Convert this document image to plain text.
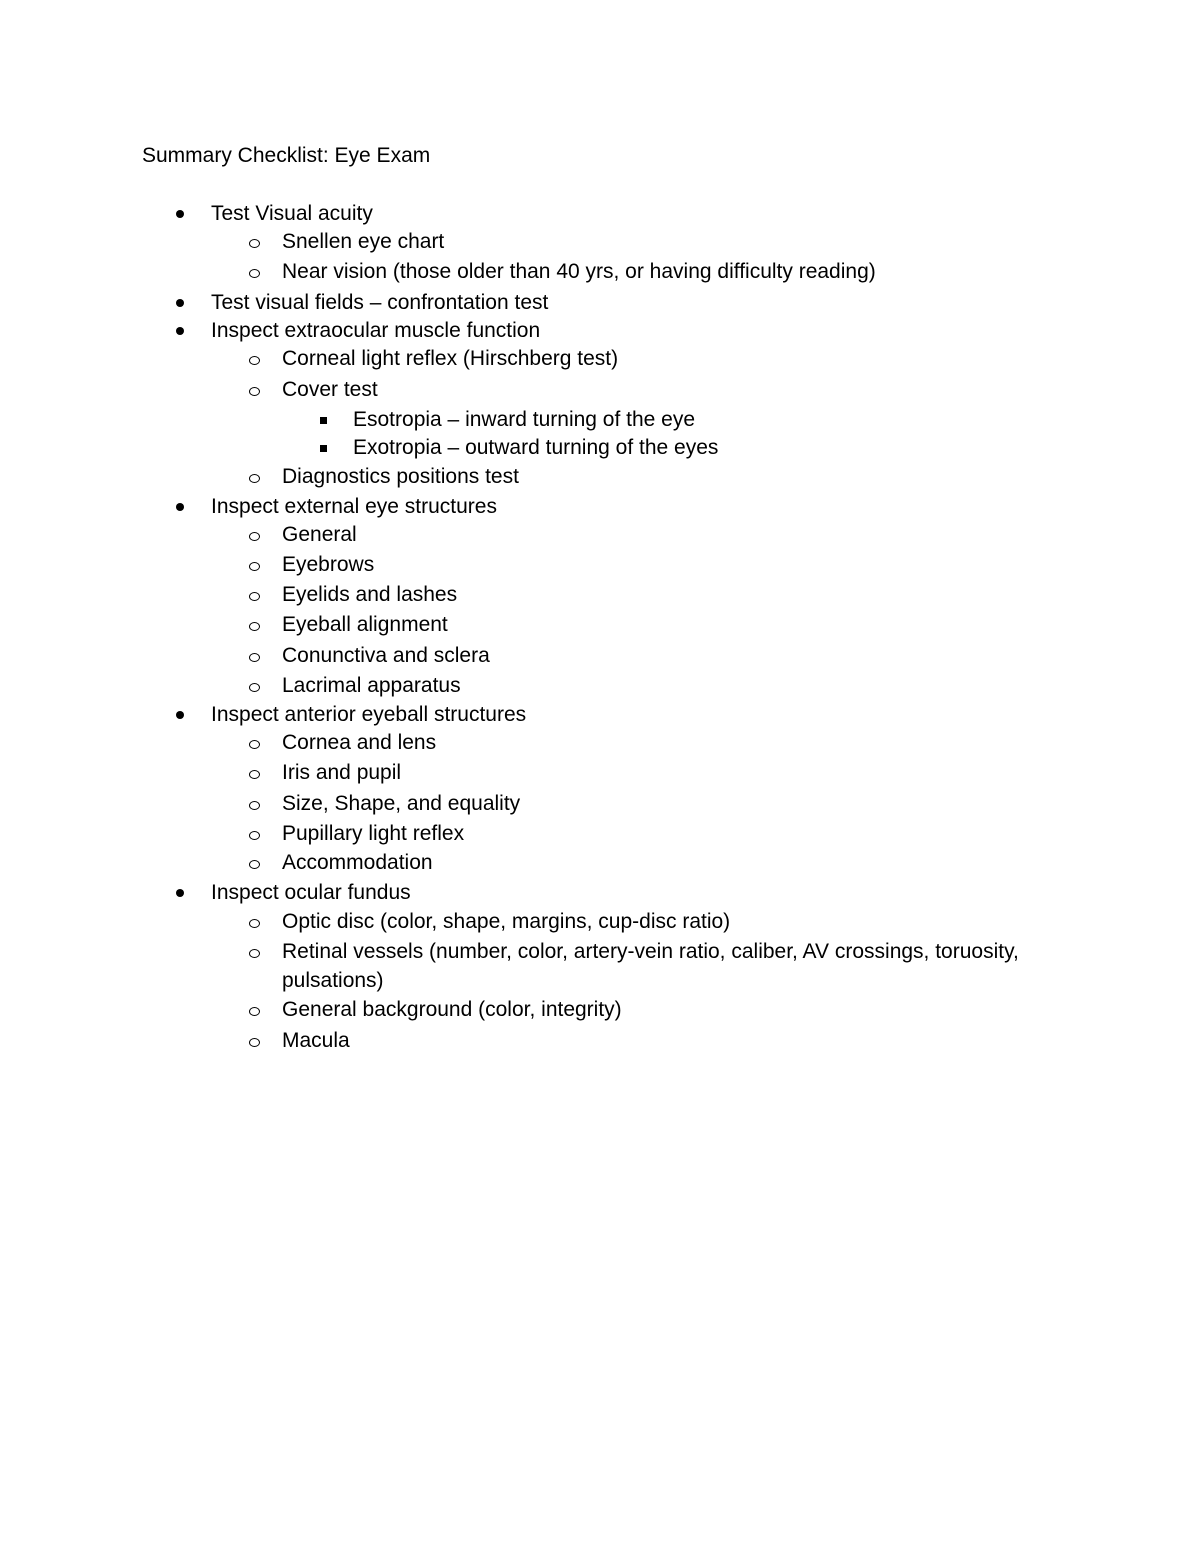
Summary Checklist: Eye Exam
Test Visual acuity
Snellen eye chart
Near vision (those older than 40 yrs, or having difficulty reading)
Test visual fields – confrontation test
Inspect extraocular muscle function
Corneal light reflex (Hirschberg test)
Cover test
Esotropia – inward turning of the eye
Exotropia – outward turning of the eyes
Diagnostics positions test
Inspect external eye structures
General
Eyebrows
Eyelids and lashes
Eyeball alignment
Conunctiva and sclera
Lacrimal apparatus
Inspect anterior eyeball structures
Cornea and lens
Iris and pupil
Size, Shape, and equality
Pupillary light reflex
Accommodation
Inspect ocular fundus
Optic disc (color, shape, margins, cup-disc ratio)
Retinal vessels (number, color, artery-vein ratio, caliber, AV crossings, toruosity,
pulsations)
General background (color, integrity)
Macula
